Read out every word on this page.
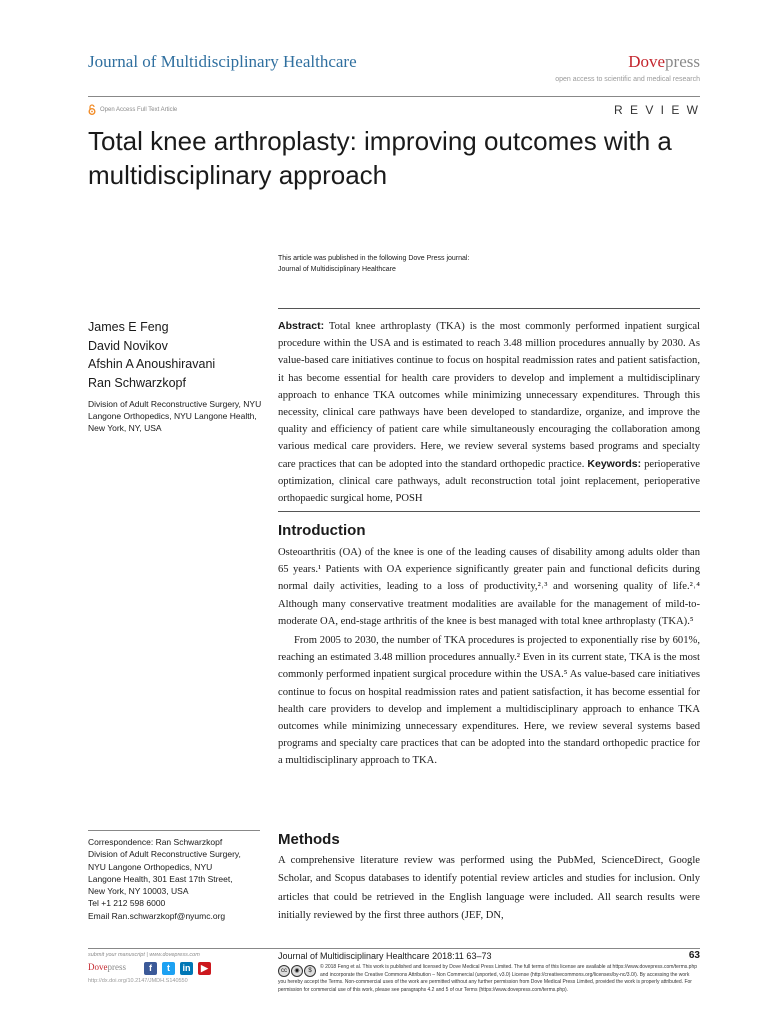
Journal of Multidisciplinary Healthcare	Dovepress
open access to scientific and medical research
Open Access Full Text Article	R E V I E W
Total knee arthroplasty: improving outcomes with a multidisciplinary approach
This article was published in the following Dove Press journal:
Journal of Multidisciplinary Healthcare
James E Feng
David Novikov
Afshin A Anoushiravani
Ran Schwarzkopf
Division of Adult Reconstructive Surgery, NYU Langone Orthopedics, NYU Langone Health, New York, NY, USA
Abstract: Total knee arthroplasty (TKA) is the most commonly performed inpatient surgical procedure within the USA and is estimated to reach 3.48 million procedures annually by 2030. As value-based care initiatives continue to focus on hospital readmission rates and patient satisfaction, it has become essential for health care providers to develop and implement a multidisciplinary approach to enhance TKA outcomes while minimizing unnecessary expenditures. Through this necessity, clinical care pathways have been developed to standardize, organize, and improve the quality and efficiency of patient care while simultaneously encouraging the collaboration among various medical care providers. Here, we review several systems based programs and specialty care practices that can be adopted into the standard orthopedic practice. Keywords: perioperative optimization, clinical care pathways, adult reconstruction total joint replacement, perioperative orthopaedic surgical home, POSH
Introduction

Osteoarthritis (OA) of the knee is one of the leading causes of disability among adults older than 65 years.¹ Patients with OA experience significantly greater pain and functional deficits during normal daily activities, leading to a loss of productivity,²˒³ and worsening quality of life.²˒⁴ Although many conservative treatment modalities are available for the management of mild-to-moderate OA, end-stage arthritis of the knee is best managed with total knee arthroplasty (TKA).⁵

From 2005 to 2030, the number of TKA procedures is projected to exponentially rise by 601%, reaching an estimated 3.48 million procedures annually.² Even in its current state, TKA is the most commonly performed inpatient surgical procedure within the USA.⁵ As value-based care initiatives continue to focus on hospital readmission rates and patient satisfaction, it has become essential for health care providers to develop and implement a multidisciplinary approach to enhance TKA outcomes while minimizing unnecessary expenditures. Here, we review several systems based programs and specialty care practices that can be adopted into the standard orthopedic practice for a multidisciplinary approach to TKA.

Correspondence: Ran Schwarzkopf
Division of Adult Reconstructive Surgery,
NYU Langone Orthopedics, NYU
Langone Health, 301 East 17th Street,
New York, NY 10003, USA
Tel +1 212 598 6000
Email Ran.schwarzkopf@nyumc.org
Methods
A comprehensive literature review was performed using the PubMed, ScienceDirect, Google Scholar, and Scopus databases to identify potential review articles and studies for inclusion. Only articles that could be retrieved in the English language were included. All search results were initially reviewed by the first three authors (JEF, DN,
submit your manuscript | www.dovepress.com
Dovepress	f	t	in	▶
http://dx.doi.org/10.2147/JMDH.S140550
Journal of Multidisciplinary Healthcare 2018:11 63–73	63
cc	◉	$
© 2018 Feng et al. This work is published and licensed by Dove Medical Press Limited. The full terms of this license are available at https://www.dovepress.com/terms.php and incorporate the Creative Commons Attribution – Non Commercial (unported, v3.0) License (http://creativecommons.org/licenses/by-nc/3.0/). By accessing the work
you hereby accept the Terms. Non-commercial uses of the work are permitted without any further permission from Dove Medical Press Limited, provided the work is properly attributed. For permission for commercial use of this work, please see paragraphs 4.2 and 5 of our Terms (https://www.dovepress.com/terms.php).
